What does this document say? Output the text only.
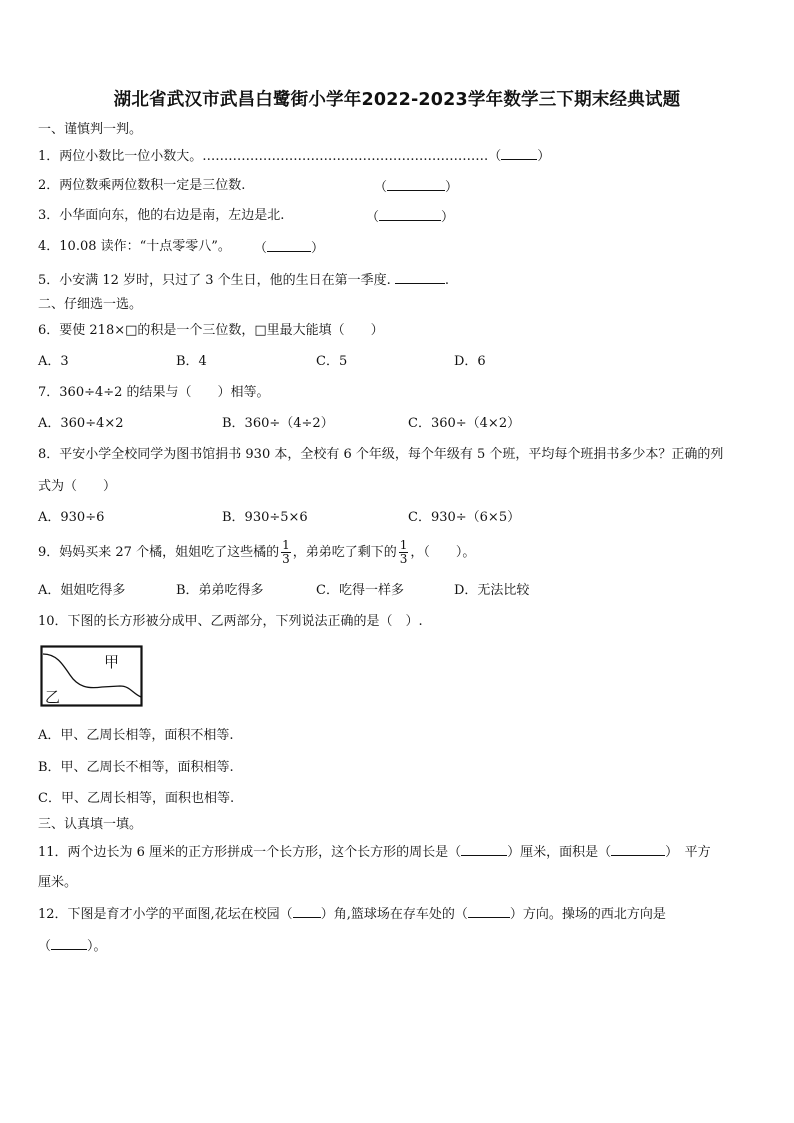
湖北省武汉市武昌白鹭街小学年2022-2023学年数学三下期末经典试题
一、谨慎判一判。
1．两位小数比一位小数大。…………………………………………………………（	）
2．两位数乘两位数积一定是三位数.	（	）
3．小华面向东，他的右边是南，左边是北.	（	）
4．10.08 读作：“十点零零八”。 （	）
5．小安满 12 岁时，只过了 3 个生日，他的生日在第一季度.	.
二、仔细选一选。
6．要使 218×□的积是一个三位数，□里最大能填（　　）
A．3	B．4	C．5	D．6
7．360÷4÷2 的结果与（　　）相等。
A．360÷4×2	B．360÷（4÷2）	C．360÷（4×2）
8．平安小学全校同学为图书馆捐书 930 本，全校有 6 个年级，每个年级有 5 个班，平均每个班捐书多少本？正确的列
式为（　　）
A．930÷6	B．930÷5×6	C．930÷（6×5）
9．妈妈买来 27 个橘，姐姐吃了这些橘的 $\frac{1}{3}$ ，弟弟吃了剩下的 $\frac{1}{3}$ ，（　　）。
A．姐姐吃得多	B．弟弟吃得多	C．吃得一样多	D．无法比较
10．下图的长方形被分成甲、乙两部分，下列说法正确的是（　）.
甲
乙
A．甲、乙周长相等，面积不相等.
B．甲、乙周长不相等，面积相等.
C．甲、乙周长相等，面积也相等.
三、认真填一填。
11．两个边长为 6 厘米的正方形拼成一个长方形，这个长方形的周长是（	）厘米，面积是（	）　平方
厘米。
12．下图是育才小学的平面图,花坛在校园（ ）角,篮球场在存车处的（	）方向。操场的西北方向是
（	）。
